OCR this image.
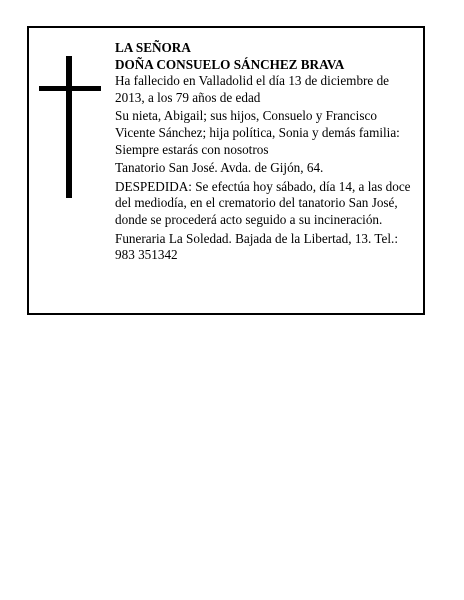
LA SEÑORA

DOÑA CONSUELO SÁNCHEZ BRAVA

Ha fallecido en Valladolid el día 13 de diciembre de 2013, a los 79 años de edad

Su nieta, Abigail; sus hijos, Consuelo y Francisco Vicente Sánchez; hija política, Sonia y demás familia: Siempre estarás con nosotros

Tanatorio San José. Avda. de Gijón, 64.

DESPEDIDA: Se efectúa hoy sábado, día 14, a las doce del mediodía, en el crematorio del tanatorio San José, donde se procederá acto seguido a su incineración.

Funeraria La Soledad. Bajada de la Libertad, 13. Tel.: 983 351342
